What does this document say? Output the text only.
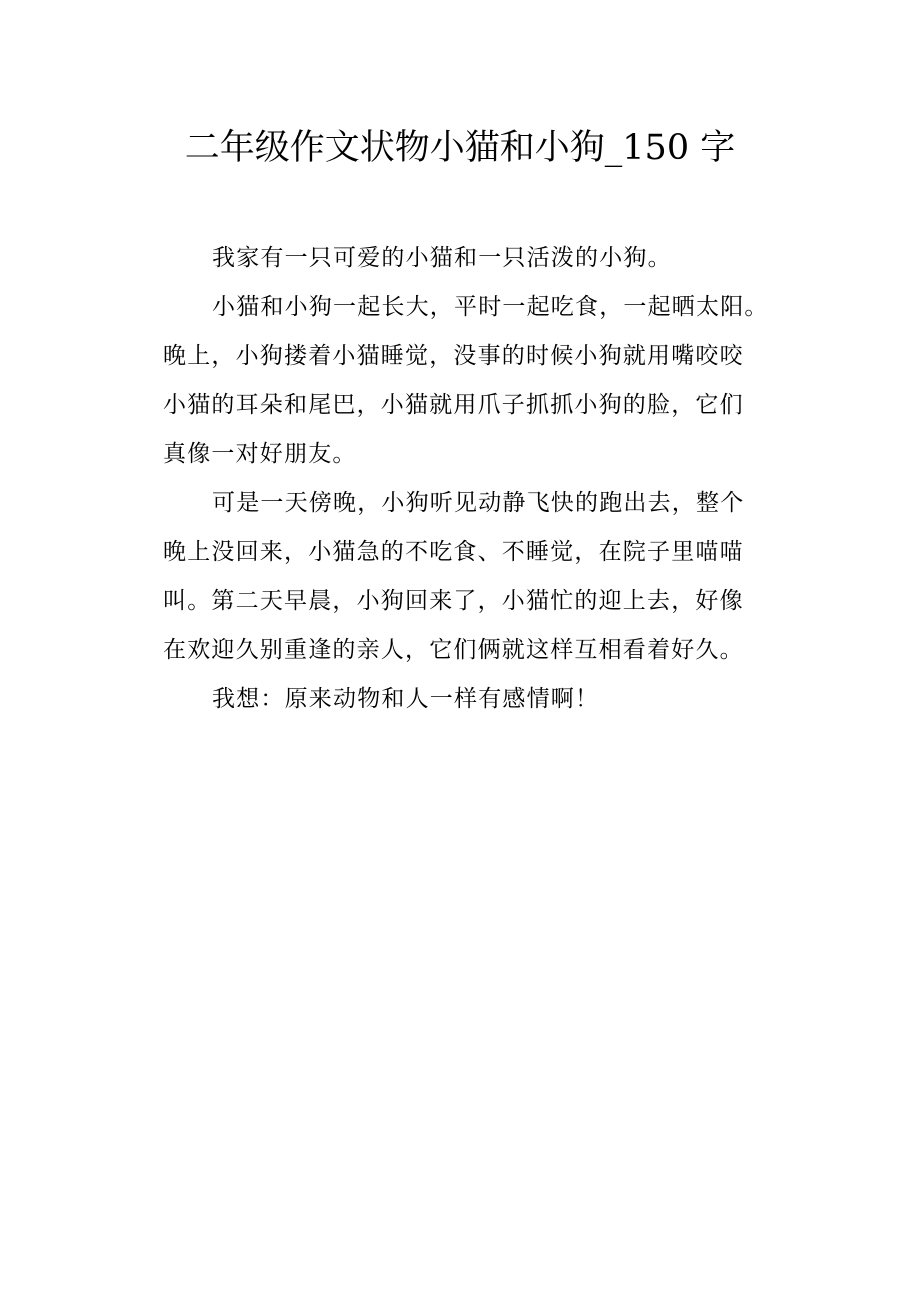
二年级作文状物小猫和小狗_150 字
我家有一只可爱的小猫和一只活泼的小狗。
小猫和小狗一起长大，平时一起吃食，一起晒太阳。
晚上，小狗搂着小猫睡觉，没事的时候小狗就用嘴咬咬
小猫的耳朵和尾巴，小猫就用爪子抓抓小狗的脸，它们
真像一对好朋友。
可是一天傍晚，小狗听见动静飞快的跑出去，整个
晚上没回来，小猫急的不吃食、不睡觉，在院子里喵喵
叫。第二天早晨，小狗回来了，小猫忙的迎上去，好像
在欢迎久别重逢的亲人，它们俩就这样互相看着好久。
我想：原来动物和人一样有感情啊！
